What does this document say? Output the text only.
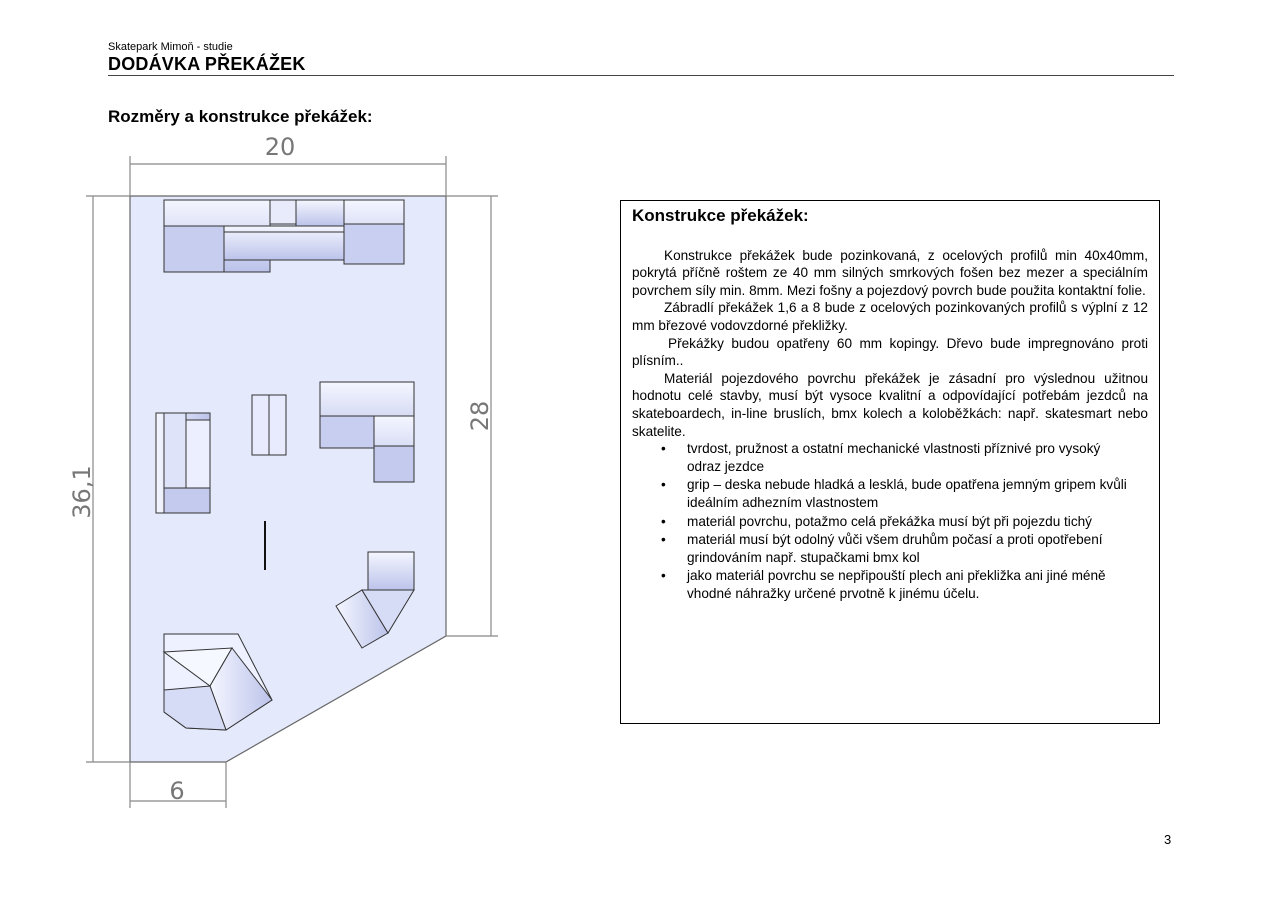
Skatepark Mimoň - studie
DODÁVKA PŘEKÁŽEK
Rozměry a konstrukce překážek:
20
36,1
28
6
Konstrukce překážek:

Konstrukce překážek bude pozinkovaná, z ocelových profilů min 40x40mm, pokrytá příčně roštem ze 40 mm silných smrkových fošen bez mezer a speciálním povrchem síly min. 8mm. Mezi fošny a pojezdový povrch bude použita kontaktní folie.

Zábradlí překážek 1,6 a 8 bude z ocelových pozinkovaných profilů s výplní z 12 mm březové vodovzdorné překližky.

Překážky budou opatřeny 60 mm kopingy. Dřevo bude impregnováno proti plísním..

Materiál pojezdového povrchu překážek je zásadní pro výslednou užitnou hodnotu celé stavby, musí být vysoce kvalitní a odpovídající potřebám jezdců na skateboardech, in-line bruslích, bmx kolech a koloběžkách: např. skatesmart nebo skatelite.

• tvrdost, pružnost a ostatní mechanické vlastnosti příznivé pro vysoký odraz jezdce
• grip – deska nebude hladká a lesklá, bude opatřena jemným gripem kvůli ideálním adhezním vlastnostem
• materiál povrchu, potažmo celá překážka musí být při pojezdu tichý
• materiál musí být odolný vůči všem druhům počasí a proti opotřebení grindováním např. stupačkami bmx kol
• jako materiál povrchu se nepřipouští plech ani překližka ani jiné méně vhodné náhražky určené prvotně k jinému účelu.
3
